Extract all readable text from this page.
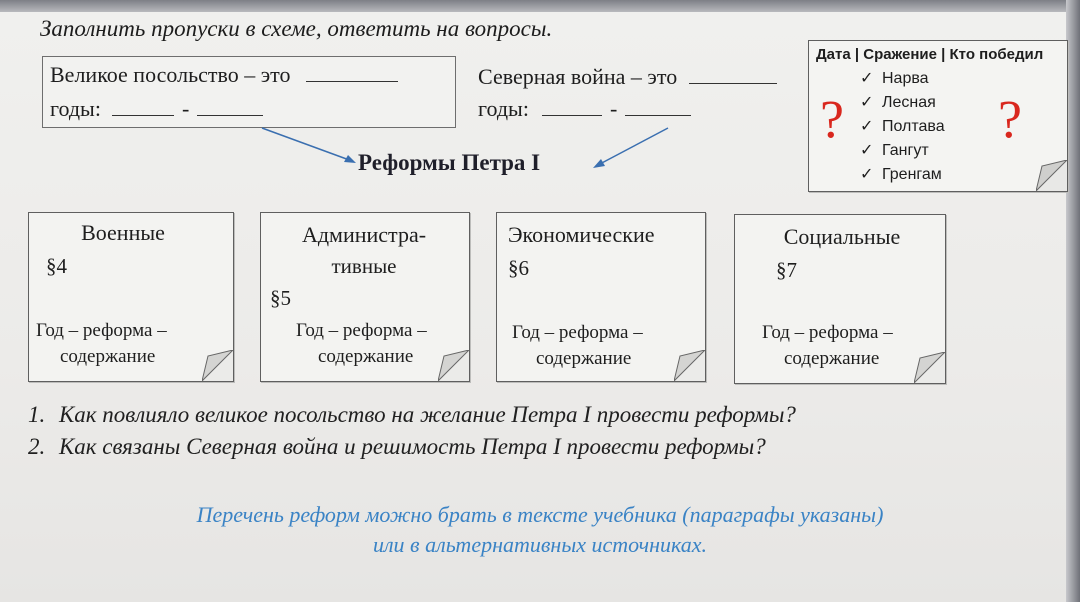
Заполнить пропуски в схеме, ответить на вопросы.
Великое посольство – это
годы:	-
Северная война – это
годы:	-
Реформы Петра I
Дата | Сражение | Кто победил
✓ Нарва
✓ Лесная
✓ Полтава
✓ Гангут
✓ Гренгам
?	?
Военные
§4
Год – реформа –
содержание
Администра-
тивные
§5
Год – реформа –
содержание
Экономические
§6
Год – реформа –
содержание
Социальные
§7
Год – реформа –
содержание
1. Как повлияло великое посольство на желание Петра I провести реформы?
2. Как связаны Северная война и решимость Петра I провести реформы?
Перечень реформ можно брать в тексте учебника (параграфы указаны)
или в альтернативных источниках.
